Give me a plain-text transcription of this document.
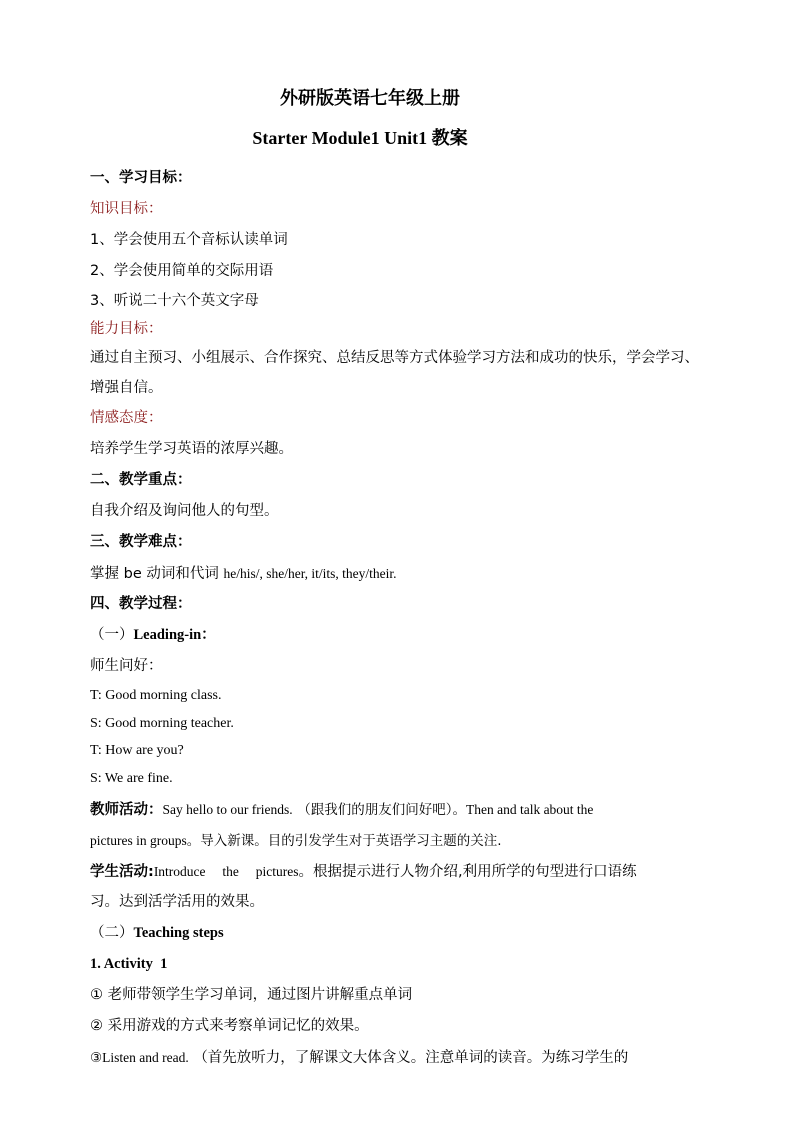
外研版英语七年级上册
Starter Module1 Unit1 教案

一、学习目标：

知识目标：

1、学会使用五个音标认读单词

2、学会使用简单的交际用语

3、听说二十六个英文字母

能力目标：

通过自主预习、小组展示、合作探究、总结反思等方式体验学习方法和成功的快乐，学会学习、增强自信。

情感态度：

培养学生学习英语的浓厚兴趣。

二、教学重点：

自我介绍及询问他人的句型。

三、教学难点：

掌握 be 动词和代词 he/his/, she/her, it/its, they/their.

四、教学过程：

（一）Leading-in：

师生问好：

T: Good morning class.

S: Good morning teacher.

T: How are you?

S: We are fine.

教师活动：Say hello to our friends. （跟我们的朋友们问好吧）。Then and talk about the

pictures in groups。导入新课。目的引发学生对于英语学习主题的关注.

学生活动:Introduce     the     pictures。根据提示进行人物介绍,利用所学的句型进行口语练

习。达到活学活用的效果。

（二）Teaching steps

1. Activity  1

① 老师带领学生学习单词，通过图片讲解重点单词

② 采用游戏的方式来考察单词记忆的效果。

③Listen and read. （首先放听力，了解课文大体含义。注意单词的读音。为练习学生的
